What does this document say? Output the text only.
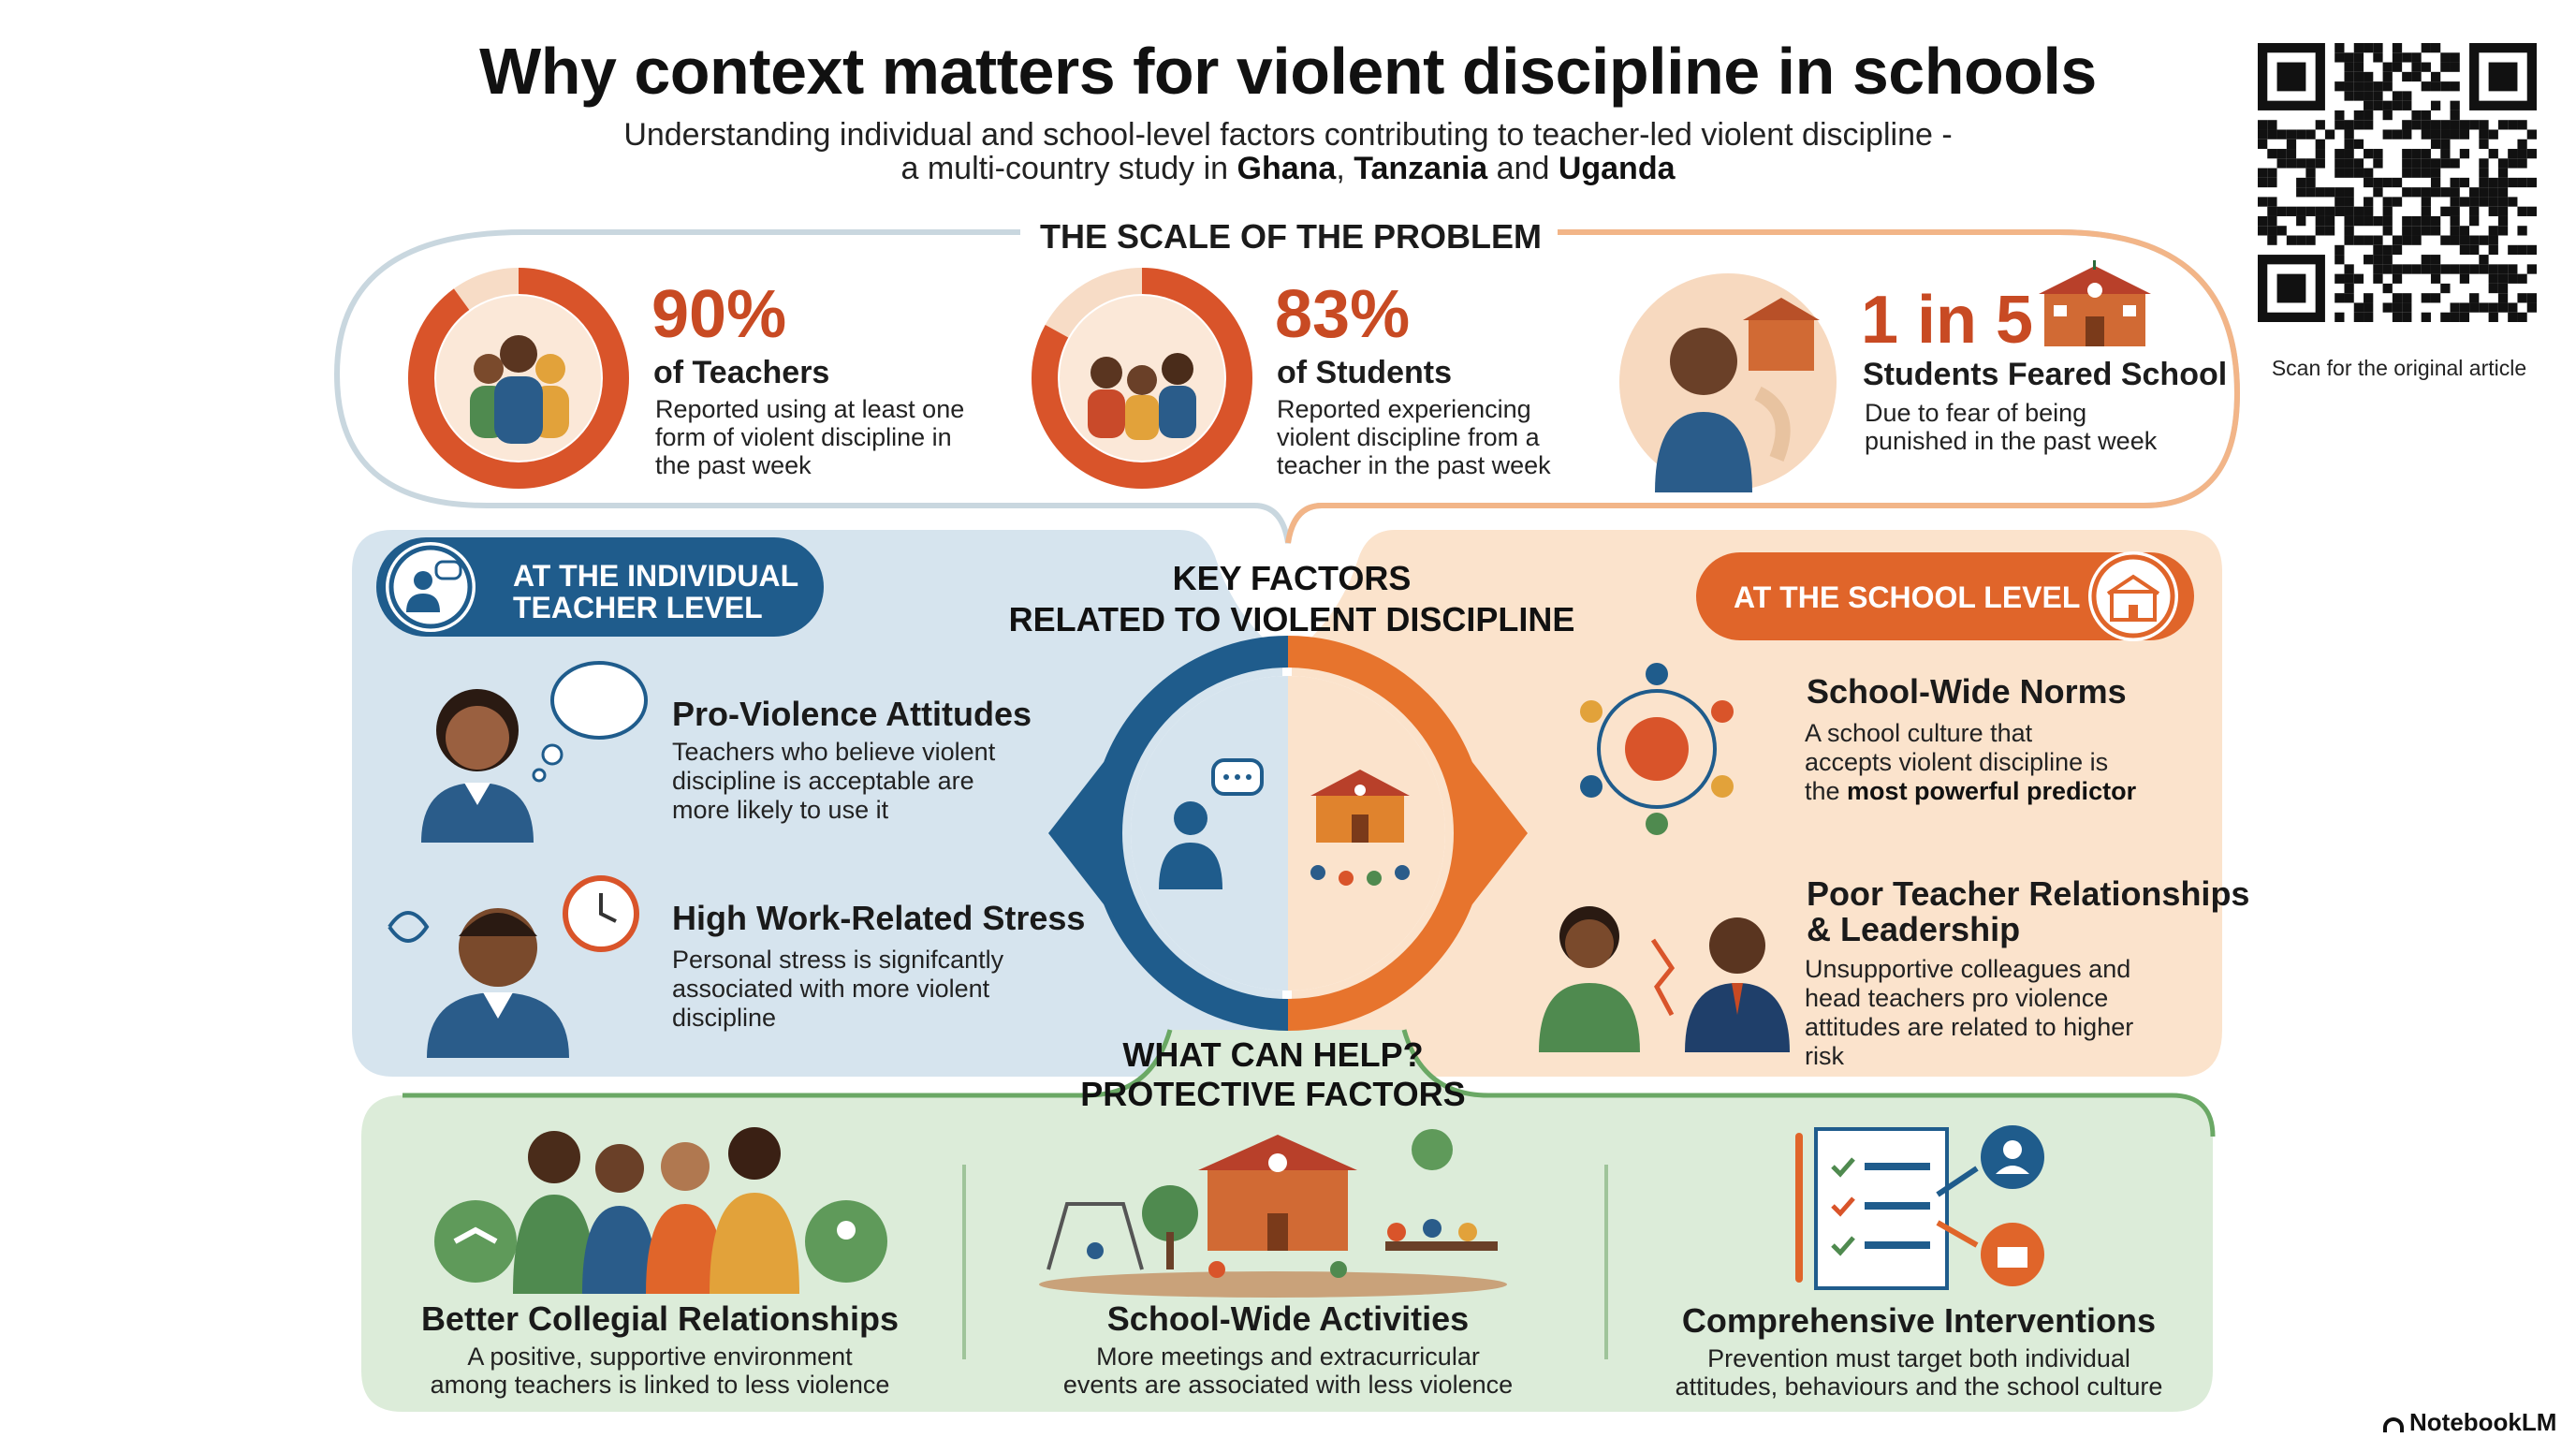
Why context matters for violent discipline in schools
Understanding individual and school-level factors contributing to teacher-led violent discipline -
a multi-country study in Ghana, Tanzania and Uganda
Scan for the original article
THE SCALE OF THE PROBLEM
90%
of Teachers
Reported using at least one
form of violent discipline in
the past week
83%
of Students
Reported experiencing
violent discipline from a
teacher in the past week
1 in 5
Students Feared School
Due to fear of being
punished in the past week
KEY FACTORS
RELATED TO VIOLENT DISCIPLINE
AT THE INDIVIDUAL
TEACHER LEVEL	AT THE SCHOOL LEVEL
Pro-Violence Attitudes
Teachers who believe violent
discipline is acceptable are
more likely to use it
High Work-Related Stress
Personal stress is signifcantly
associated with more violent
discipline
School-Wide Norms
A school culture that
accepts violent discipline is
the most powerful predictor
Poor Teacher Relationships
& Leadership
Unsupportive colleagues and
head teachers pro violence
attitudes are related to higher
risk
WHAT CAN HELP?
PROTECTIVE FACTORS
Better Collegial Relationships
A positive, supportive environment
among teachers is linked to less violence
School-Wide Activities
More meetings and extracurricular
events are associated with less violence
Comprehensive Interventions
Prevention must target both individual
attitudes, behaviours and the school culture
NotebookLM
